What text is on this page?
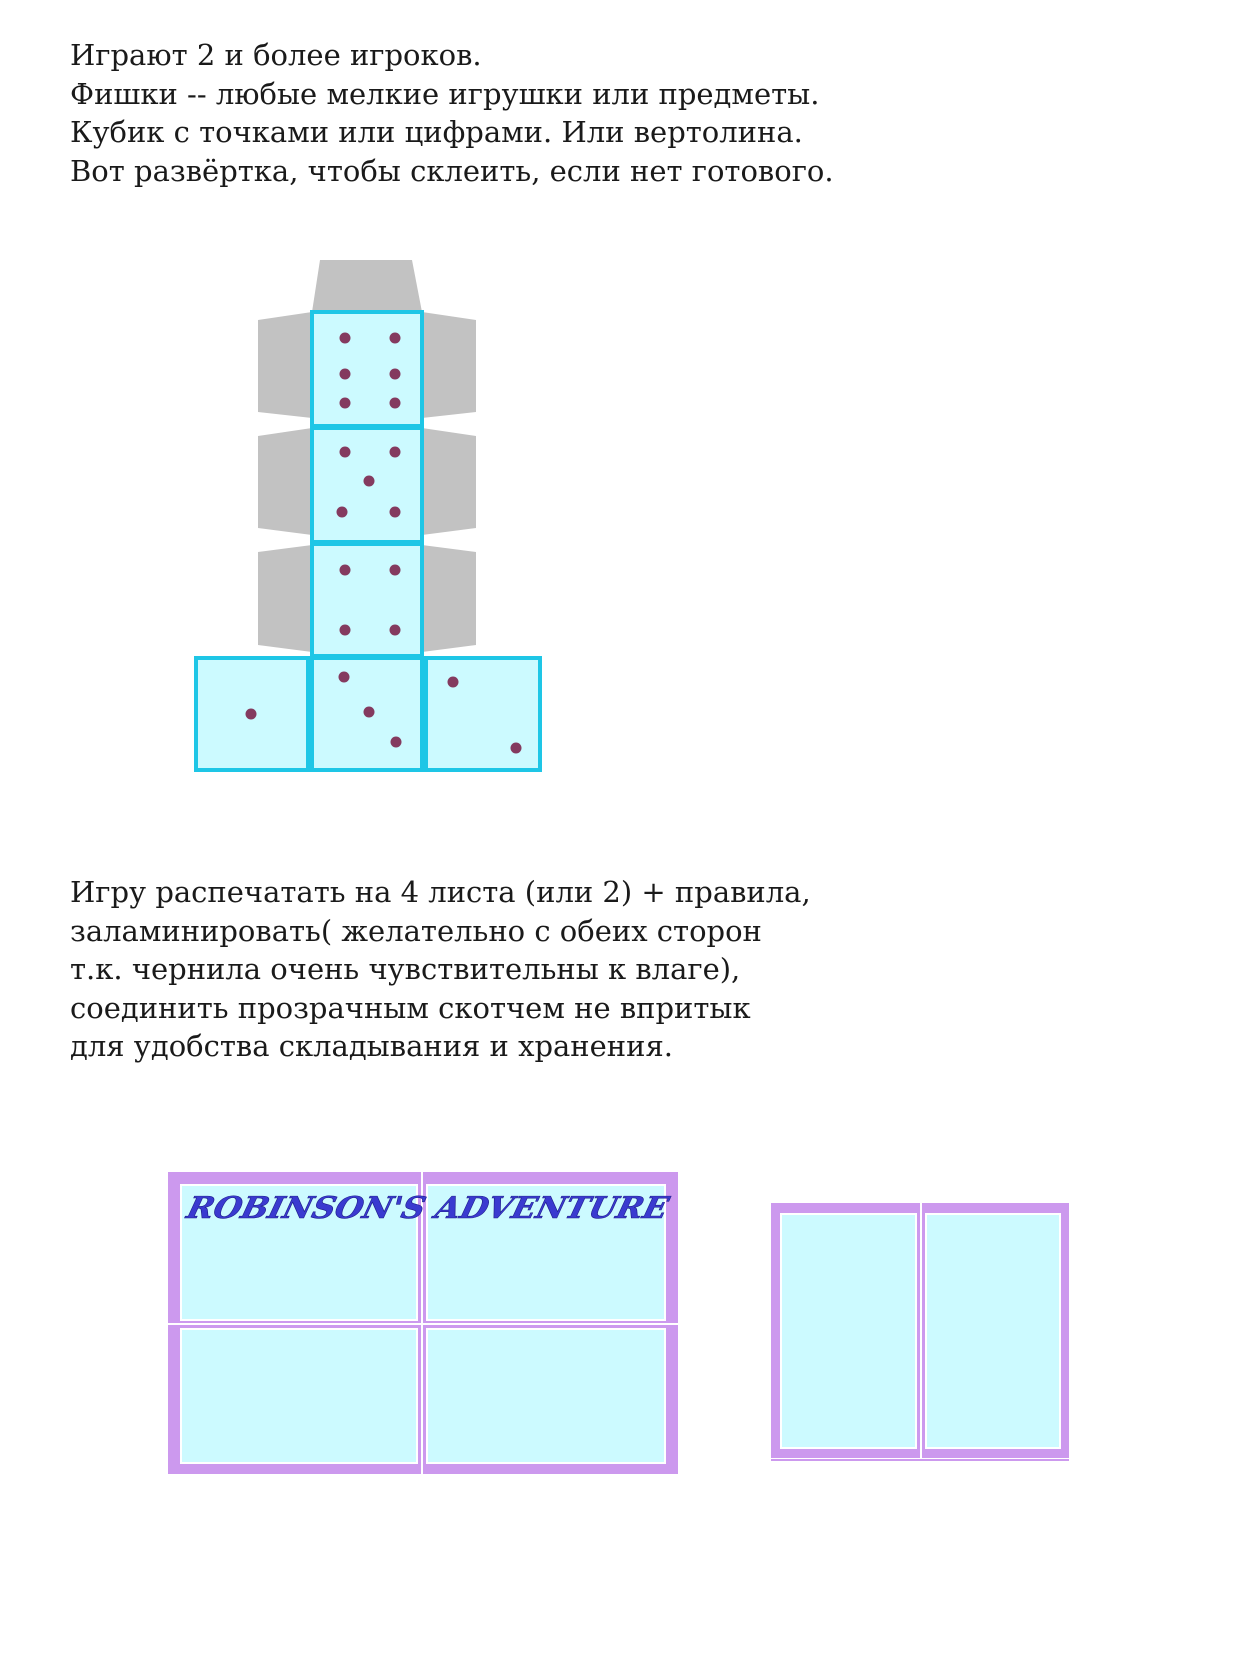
Играют 2 и более игроков.
Фишки -- любые мелкие игрушки или предметы.
Кубик с точками или цифрами. Или вертолина.
Вот развёртка, чтобы склеить, если нет готового.
ROBINSON'S ADVENTURE
Игру распечатать на 4 листа (или 2) + правила,
заламинировать( желательно с обеих сторон
т.к. чернила очень чувствительны к влаге),
соединить прозрачным скотчем не впритык
для удобства складывания и хранения.
